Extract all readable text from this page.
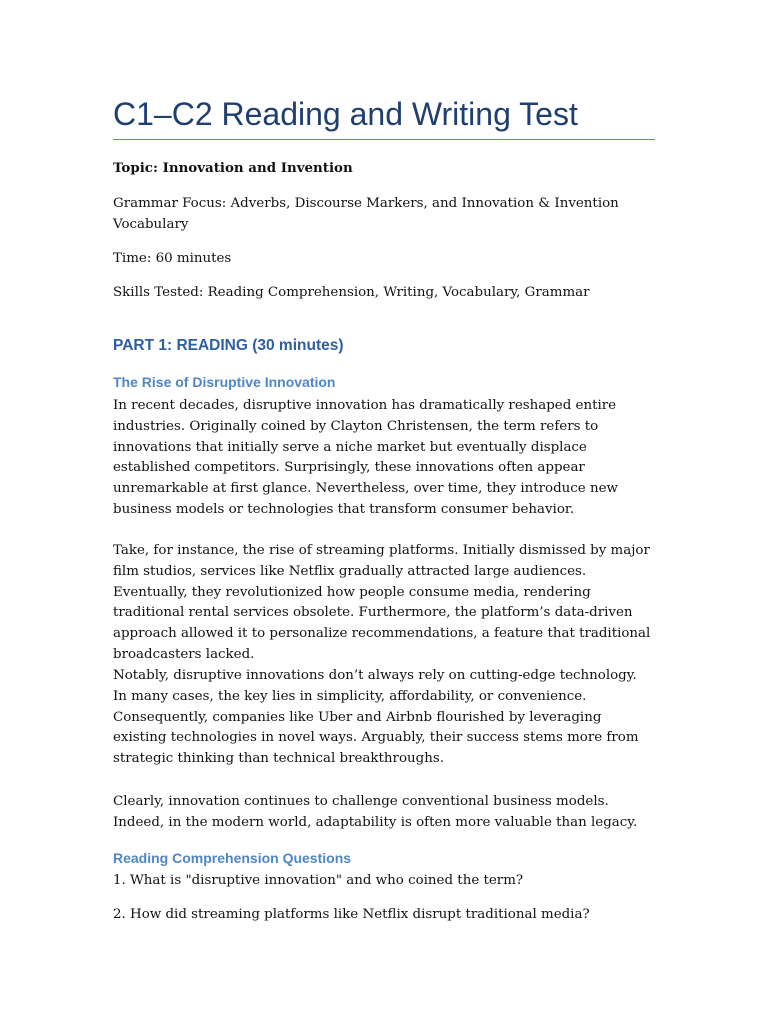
C1–C2 Reading and Writing Test
Topic: Innovation and Invention
Grammar Focus: Adverbs, Discourse Markers, and Innovation & Invention Vocabulary
Time: 60 minutes
Skills Tested: Reading Comprehension, Writing, Vocabulary, Grammar
PART 1: READING (30 minutes)
The Rise of Disruptive Innovation
In recent decades, disruptive innovation has dramatically reshaped entire industries. Originally coined by Clayton Christensen, the term refers to innovations that initially serve a niche market but eventually displace established competitors. Surprisingly, these innovations often appear unremarkable at first glance. Nevertheless, over time, they introduce new business models or technologies that transform consumer behavior.
Take, for instance, the rise of streaming platforms. Initially dismissed by major film studios, services like Netflix gradually attracted large audiences. Eventually, they revolutionized how people consume media, rendering traditional rental services obsolete. Furthermore, the platform’s data-driven approach allowed it to personalize recommendations, a feature that traditional broadcasters lacked.
Notably, disruptive innovations don’t always rely on cutting-edge technology. In many cases, the key lies in simplicity, affordability, or convenience. Consequently, companies like Uber and Airbnb flourished by leveraging existing technologies in novel ways. Arguably, their success stems more from strategic thinking than technical breakthroughs.
Clearly, innovation continues to challenge conventional business models. Indeed, in the modern world, adaptability is often more valuable than legacy.
Reading Comprehension Questions
1. What is "disruptive innovation" and who coined the term?
2. How did streaming platforms like Netflix disrupt traditional media?
